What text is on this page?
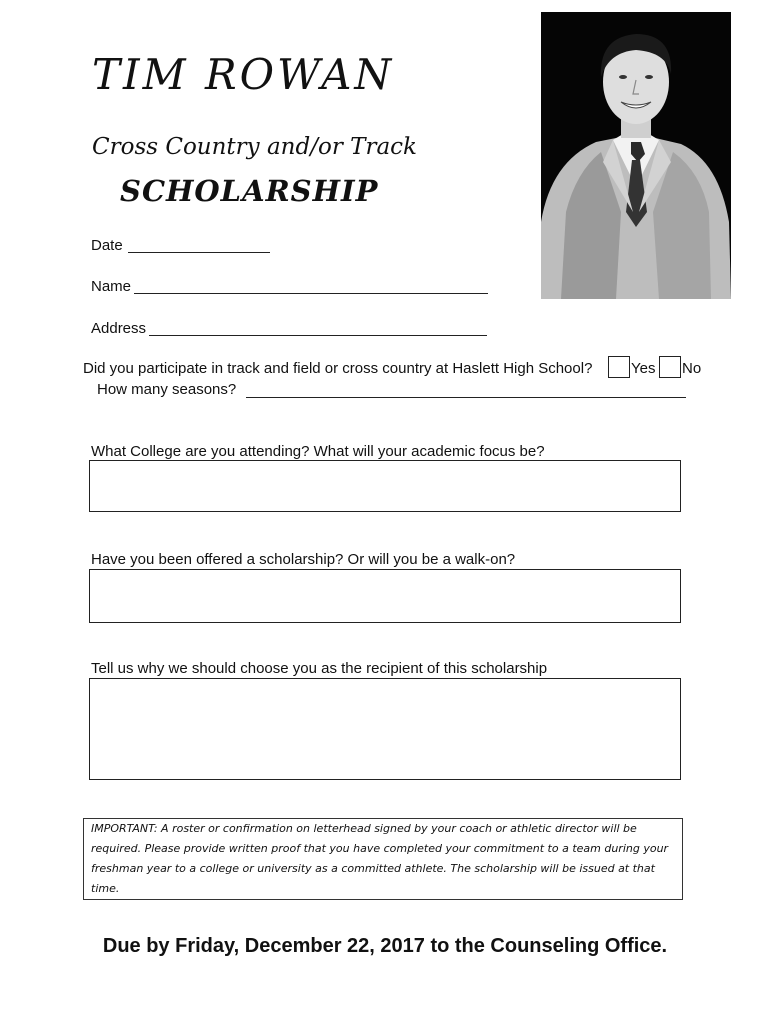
TIM ROWAN
Cross Country and/or Track
SCHOLARSHIP
Date
Name
Address
Did you participate in track and field or cross country at Haslett High School?	Yes No
How many seasons?
What College are you attending? What will your academic focus be?
Have you been offered a scholarship? Or will you be a walk-on?
Tell us why we should choose you as the recipient of this scholarship

IMPORTANT: A roster or confirmation on letterhead signed by your coach or athletic director will be required. Please provide written proof that you have completed your commitment to a team during your freshman year to a college or university as a committed athlete. The scholarship will be issued at that time.

Due by Friday, December 22, 2017 to the Counseling Office.
